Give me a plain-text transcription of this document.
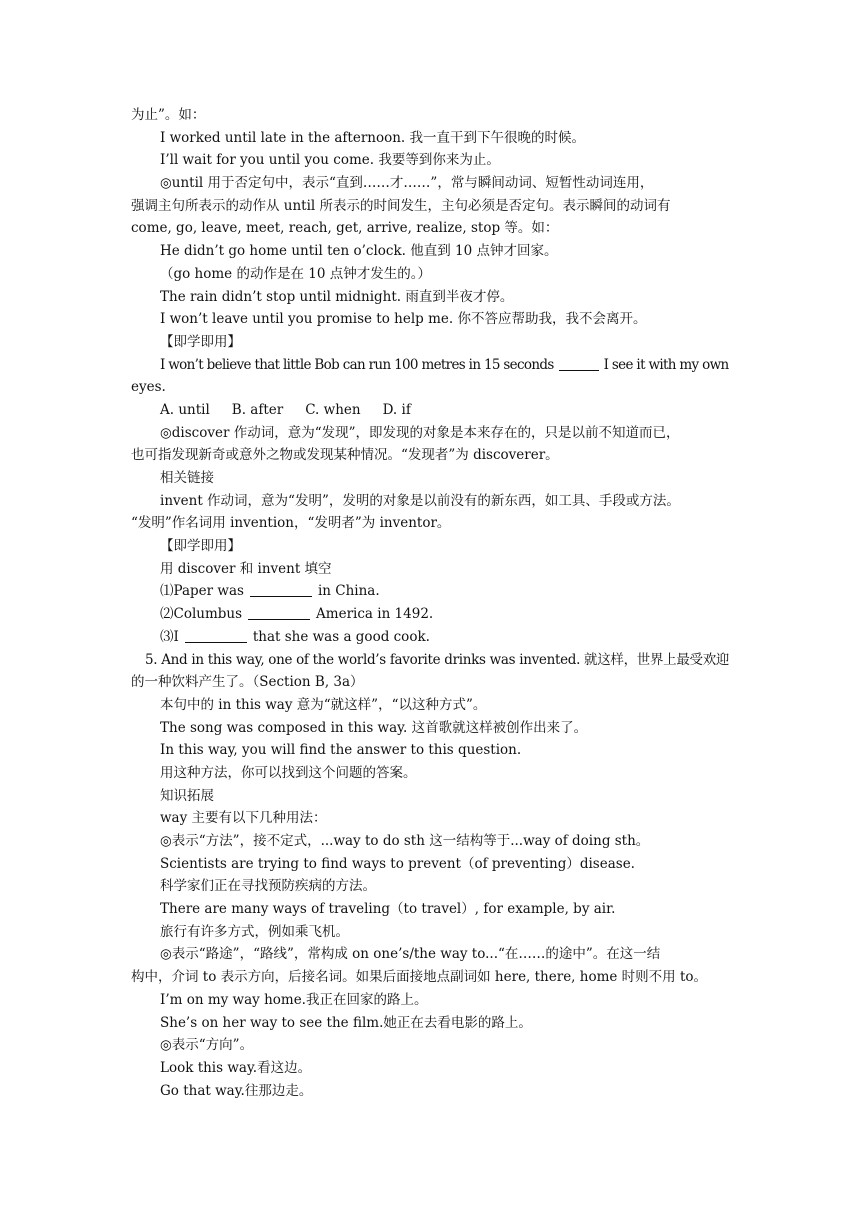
为止”。如：
I worked until late in the afternoon. 我一直干到下午很晚的时候。
I’ll wait for you until you come. 我要等到你来为止。
◎until 用于否定句中，表示“直到……才……”，常与瞬间动词、短暂性动词连用，
强调主句所表示的动作从 until 所表示的时间发生，主句必须是否定句。表示瞬间的动词有
come, go, leave, meet, reach, get, arrive, realize, stop 等。如：
He didn’t go home until ten o’clock. 他直到 10 点钟才回家。
（go home 的动作是在 10 点钟才发生的。）
The rain didn’t stop until midnight. 雨直到半夜才停。
I won’t leave until you promise to help me. 你不答应帮助我，我不会离开。
【即学即用】
I won’t believe that little Bob can run 100 metres in 15 seconds	I see it with my own
eyes.
A. until B. after C. when D. if
◎discover 作动词，意为“发现”，即发现的对象是本来存在的，只是以前不知道而已，
也可指发现新奇或意外之物或发现某种情况。“发现者”为 discoverer。
相关链接
invent 作动词，意为“发明”，发明的对象是以前没有的新东西，如工具、手段或方法。
“发明”作名词用 invention，“发明者”为 inventor。
【即学即用】
用 discover 和 invent 填空
⑴Paper was	in China.
⑵Columbus	America in 1492.
⑶I	that she was a good cook.
5. And in this way, one of the world’s favorite drinks was invented. 就这样，世界上最受欢迎
的一种饮料产生了。（Section B, 3a）
本句中的 in this way 意为“就这样”，“以这种方式”。
The song was composed in this way. 这首歌就这样被创作出来了。
In this way, you will find the answer to this question.
用这种方法，你可以找到这个问题的答案。
知识拓展
way 主要有以下几种用法：
◎表示“方法”，接不定式，...way to do sth 这一结构等于...way of doing sth。
Scientists are trying to find ways to prevent（of preventing）disease.
科学家们正在寻找预防疾病的方法。
There are many ways of traveling（to travel）, for example, by air.
旅行有许多方式，例如乘飞机。
◎表示“路途”，“路线”，常构成 on one’s/the way to...“在……的途中”。在这一结
构中，介词 to 表示方向，后接名词。如果后面接地点副词如 here, there, home 时则不用 to。
I’m on my way home.我正在回家的路上。
She’s on her way to see the film.她正在去看电影的路上。
◎表示“方向”。
Look this way.看这边。
Go that way.往那边走。
